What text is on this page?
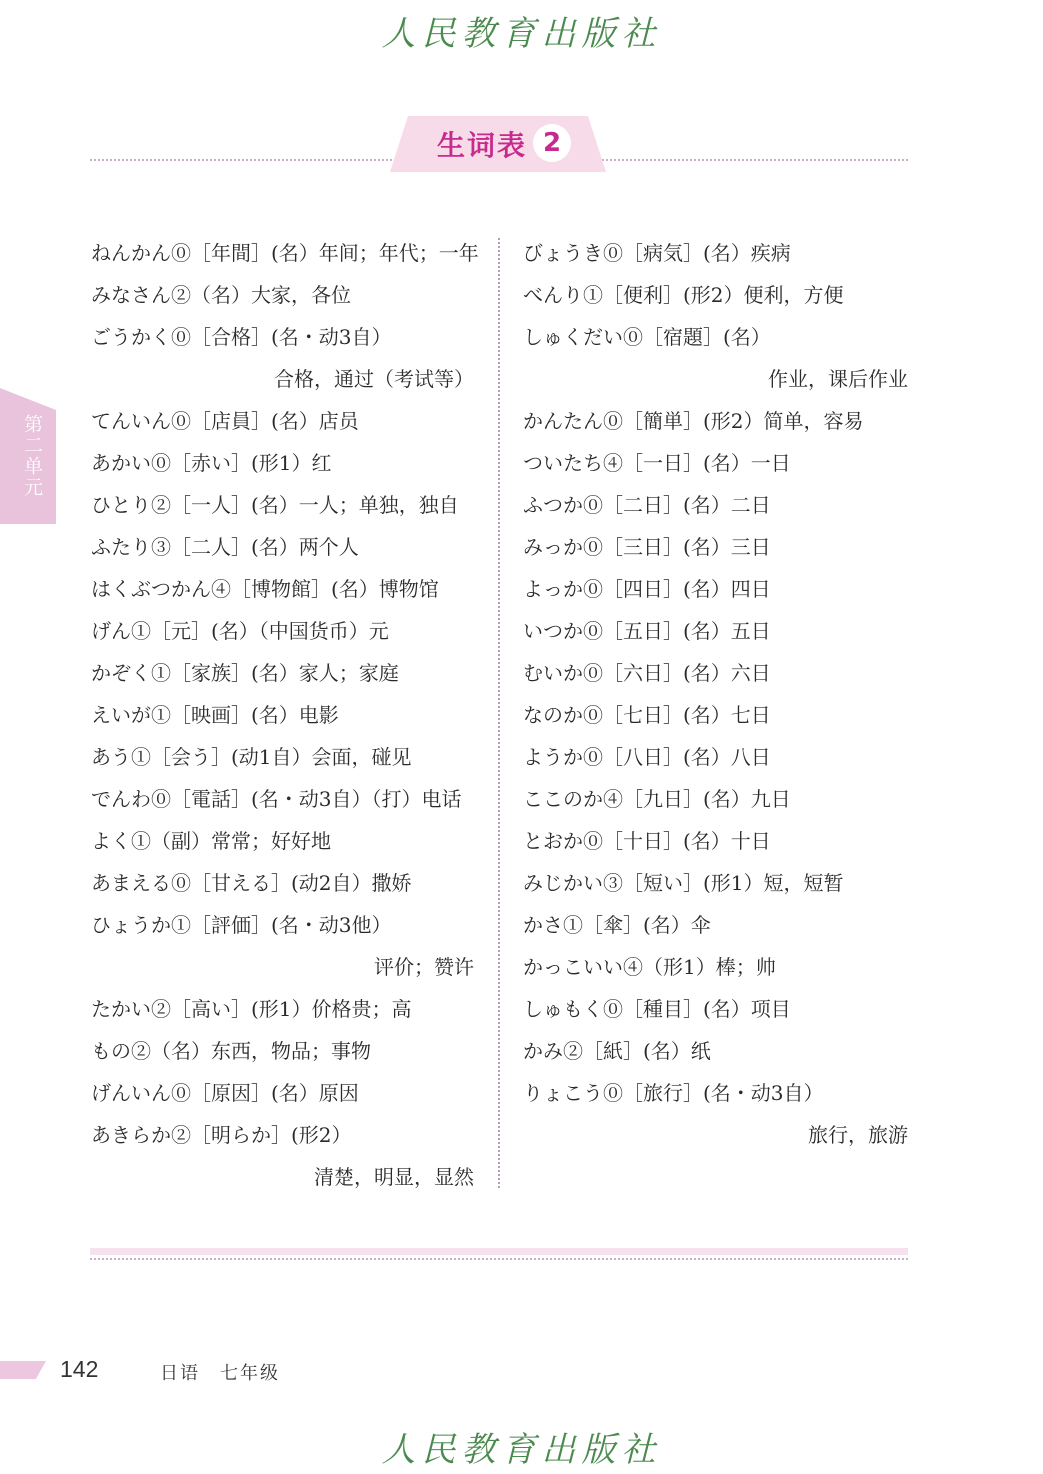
人民教育出版社
生词表 2
第二单元
ねんかん⓪［年間］(名）年间；年代；一年
みなさん②（名）大家，各位
ごうかく⓪［合格］(名・动3自）
合格，通过（考试等）
てんいん⓪［店員］(名）店员
あかい⓪［赤い］(形1）红
ひとり②［一人］(名）一人；单独，独自
ふたり③［二人］(名）两个人
はくぶつかん④［博物館］(名）博物馆
げん①［元］(名）（中国货币）元
かぞく①［家族］(名）家人；家庭
えいが①［映画］(名）电影
あう①［会う］(动1自）会面，碰见
でんわ⓪［電話］(名・动3自）（打）电话
よく①（副）常常；好好地
あまえる⓪［甘える］(动2自）撒娇
ひょうか①［評価］(名・动3他）
评价；赞许
たかい②［高い］(形1）价格贵；高
もの②（名）东西，物品；事物
げんいん⓪［原因］(名）原因
あきらか②［明らか］(形2）
清楚，明显，显然
びょうき⓪［病気］(名）疾病
べんり①［便利］(形2）便利，方便
しゅくだい⓪［宿題］(名）
作业，课后作业
かんたん⓪［簡単］(形2）简单，容易
ついたち④［一日］(名）一日
ふつか⓪［二日］(名）二日
みっか⓪［三日］(名）三日
よっか⓪［四日］(名）四日
いつか⓪［五日］(名）五日
むいか⓪［六日］(名）六日
なのか⓪［七日］(名）七日
ようか⓪［八日］(名）八日
ここのか④［九日］(名）九日
とおか⓪［十日］(名）十日
みじかい③［短い］(形1）短，短暂
かさ①［傘］(名）伞
かっこいい④（形1）棒；帅
しゅもく⓪［種目］(名）项目
かみ②［紙］(名）纸
りょこう⓪［旅行］(名・动3自）
旅行，旅游
142	日语　七年级
人民教育出版社
